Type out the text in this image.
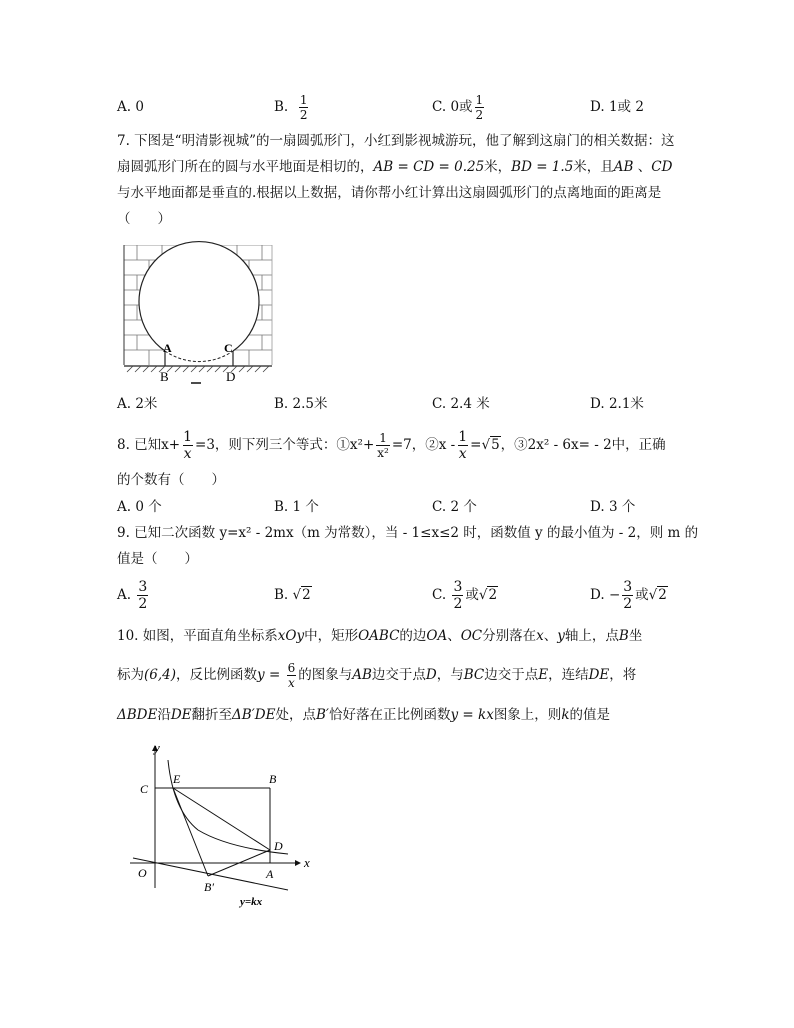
A. 0	B. $\frac{1}{2}$	C. 0或 $\frac{1}{2}$	D. 1或 2
7. 下图是“明清影视城”的一扇圆弧形门，小红到影视城游玩，他了解到这扇门的相关数据：这
扇圆弧形门所在的圆与水平地面是相切的，AB = CD = 0.25米，BD = 1.5米，且AB 、CD
与水平地面都是垂直的.根据以上数据，请你帮小红计算出这扇圆弧形门的点离地面的距离是
（　　）
A	C
B	D
A. 2米	B. 2.5米	C. 2.4 米	D. 2.1米
8. 已知$x+ \frac{1}{x} =3$，则下列三个等式：①x²+ $\frac{1}{\text{x²}} =7$，②x - $\frac{1}{x} =√5$，③2x² - 6x= - 2中，正确
的个数有（　　）
A. 0 个	B. 1 个	C. 2 个	D. 3 个
9. 已知二次函数 y=x² - 2mx（m 为常数），当 - 1≤x≤2 时，函数值 y 的最小值为 - 2，则 m 的
值是（　　）
A. $\frac{3}{2}$	B. √2	C. $\frac{3}{2}$ 或√2	D. − $\frac{3}{2}$ 或√2
10. 如图，平面直角坐标系xOy中，矩形OABC的边OA、OC分别落在x、y轴上，点B坐
标为(6,4)，反比例函数$y = \frac{6}{x}$ 的图象与AB边交于点D，与BC边交于点E，连结DE，将
ΔBDE沿DE翻折至ΔB′DE处，点B′恰好落在正比例函数y = kx图象上，则k的值是
y
x
O
C
E	B
D
A
B′
y=kx
